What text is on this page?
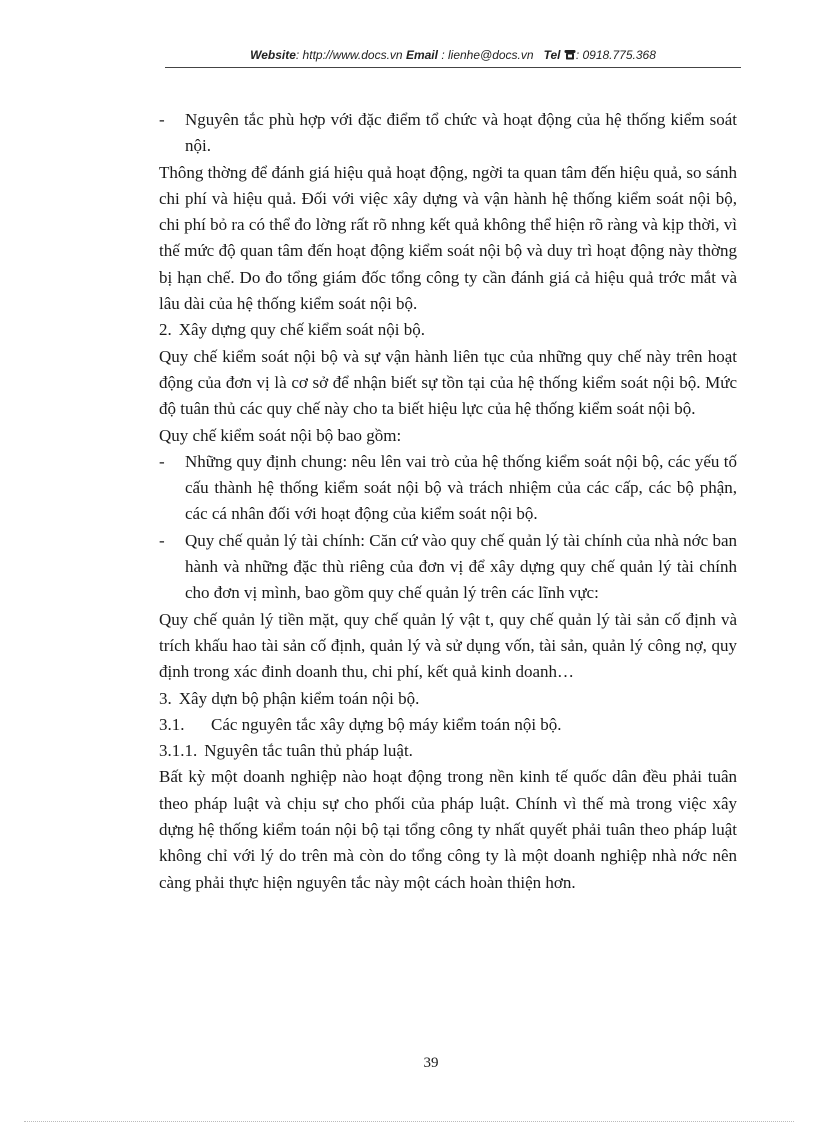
Website: http://www.docs.vn Email : lienhe@docs.vn Tel : 0918.775.368
-	Nguyên tắc phù hợp với đặc điểm tổ chức và hoạt động của hệ thống kiểm soát nội.

Thông thờng để đánh giá hiệu quả hoạt động, ngời ta quan tâm đến hiệu quả, so sánh chi phí và hiệu quả. Đối với việc xây dựng và vận hành hệ thống kiểm soát nội bộ, chi phí bỏ ra có thể đo lờng rất rõ nhng kết quả không thể hiện rõ ràng và kịp thời, vì thế mức độ quan tâm đến hoạt động kiểm soát nội bộ và duy trì hoạt động này thờng bị hạn chế. Do đo tổng giám đốc tổng công ty cần đánh giá cả hiệu quả trớc mắt và lâu dài của hệ thống kiểm soát nội bộ.

2. Xây dựng quy chế kiểm soát nội bộ.

Quy chế kiểm soát nội bộ và sự vận hành liên tục của những quy chế này trên hoạt động của đơn vị là cơ sở để nhận biết sự tồn tại của hệ thống kiểm soát nội bộ. Mức độ tuân thủ các quy chế này cho ta biết hiệu lực của hệ thống kiểm soát nội bộ.

Quy chế kiểm soát nội bộ bao gồm:

-	Những quy định chung: nêu lên vai trò của hệ thống kiểm soát nội bộ, các yếu tố cấu thành hệ thống kiểm soát nội bộ và trách nhiệm của các cấp, các bộ phận, các cá nhân đối với hoạt động của kiểm soát nội bộ.
-	Quy chế quản lý tài chính: Căn cứ vào quy chế quản lý tài chính của nhà nớc ban hành và những đặc thù riêng của đơn vị để xây dựng quy chế quản lý tài chính cho đơn vị mình, bao gồm quy chế quản lý trên các lĩnh vực:

Quy chế quản lý tiền mặt, quy chế quản lý vật t, quy chế quản lý tài sản cố định và trích khấu hao tài sản cố định, quản lý và sử dụng vốn, tài sản, quản lý công nợ, quy định trong xác đinh doanh thu, chi phí, kết quả kinh doanh…

3. Xây dựn bộ phận kiểm toán nội bộ.
3.1.	Các nguyên tắc xây dựng bộ máy kiểm toán nội bộ.
3.1.1. Nguyên tắc tuân thủ pháp luật.

Bất kỳ một doanh nghiệp nào hoạt động trong nền kinh tế quốc dân đều phải tuân theo pháp luật và chịu sự cho phối của pháp luật. Chính vì thế mà trong việc xây dựng hệ thống kiểm toán nội bộ tại tổng công ty nhất quyết phải tuân theo pháp luật không chỉ với lý do trên mà còn do tổng công ty là một doanh nghiệp nhà nớc nên càng phải thực hiện nguyên tắc này một cách hoàn thiện hơn.

39
